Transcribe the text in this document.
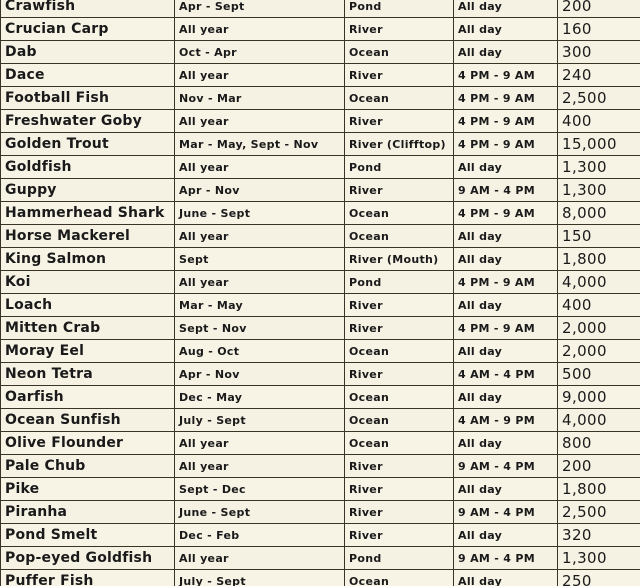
Crawfish	Apr - Sept	Pond	All day	200
Crucian Carp	All year	River	All day	160
Dab	Oct - Apr	Ocean	All day	300
Dace	All year	River	4 PM - 9 AM	240
Football Fish	Nov - Mar	Ocean	4 PM - 9 AM	2,500
Freshwater Goby	All year	River	4 PM - 9 AM	400
Golden Trout	Mar - May, Sept - Nov	River (Clifftop)	4 PM - 9 AM	15,000
Goldfish	All year	Pond	All day	1,300
Guppy	Apr - Nov	River	9 AM - 4 PM	1,300
Hammerhead Shark	June - Sept	Ocean	4 PM - 9 AM	8,000
Horse Mackerel	All year	Ocean	All day	150
King Salmon	Sept	River (Mouth)	All day	1,800
Koi	All year	Pond	4 PM - 9 AM	4,000
Loach	Mar - May	River	All day	400
Mitten Crab	Sept - Nov	River	4 PM - 9 AM	2,000
Moray Eel	Aug - Oct	Ocean	All day	2,000
Neon Tetra	Apr - Nov	River	4 AM - 4 PM	500
Oarfish	Dec - May	Ocean	All day	9,000
Ocean Sunfish	July - Sept	Ocean	4 AM - 9 PM	4,000
Olive Flounder	All year	Ocean	All day	800
Pale Chub	All year	River	9 AM - 4 PM	200
Pike	Sept - Dec	River	All day	1,800
Piranha	June - Sept	River	9 AM - 4 PM	2,500
Pond Smelt	Dec - Feb	River	All day	320
Pop-eyed Goldfish	All year	Pond	9 AM - 4 PM	1,300
Puffer Fish	July - Sept	Ocean	All day	250
